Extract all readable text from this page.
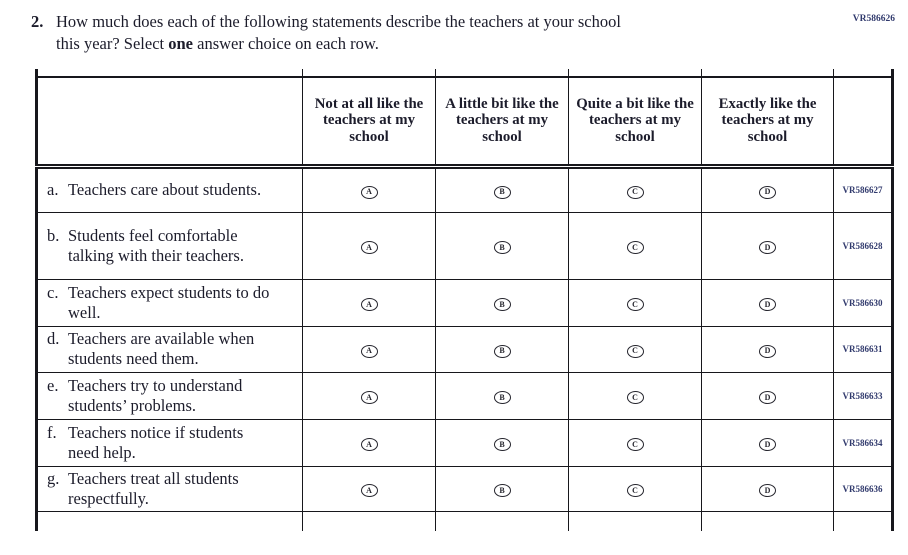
VR586626
2. How much does each of the following statements describe the teachers at your school
this year? Select one answer choice on each row.

	Not at all like the teachers at my school	A little bit like the teachers at my school	Quite a bit like the teachers at my school	Exactly like the teachers at my school	

a. Teachers care about students.	A	B	C	D	VR586627

b. Students feel comfortable talking with their teachers.	A	B	C	D	VR586628

c. Teachers expect students to do well.	A	B	C	D	VR586630

d. Teachers are available when students need them.	A	B	C	D	VR586631

e. Teachers try to understand students’ problems.	A	B	C	D	VR586633

f. Teachers notice if students need help.	A	B	C	D	VR586634

g. Teachers treat all students respectfully.	A	B	C	D	VR586636
